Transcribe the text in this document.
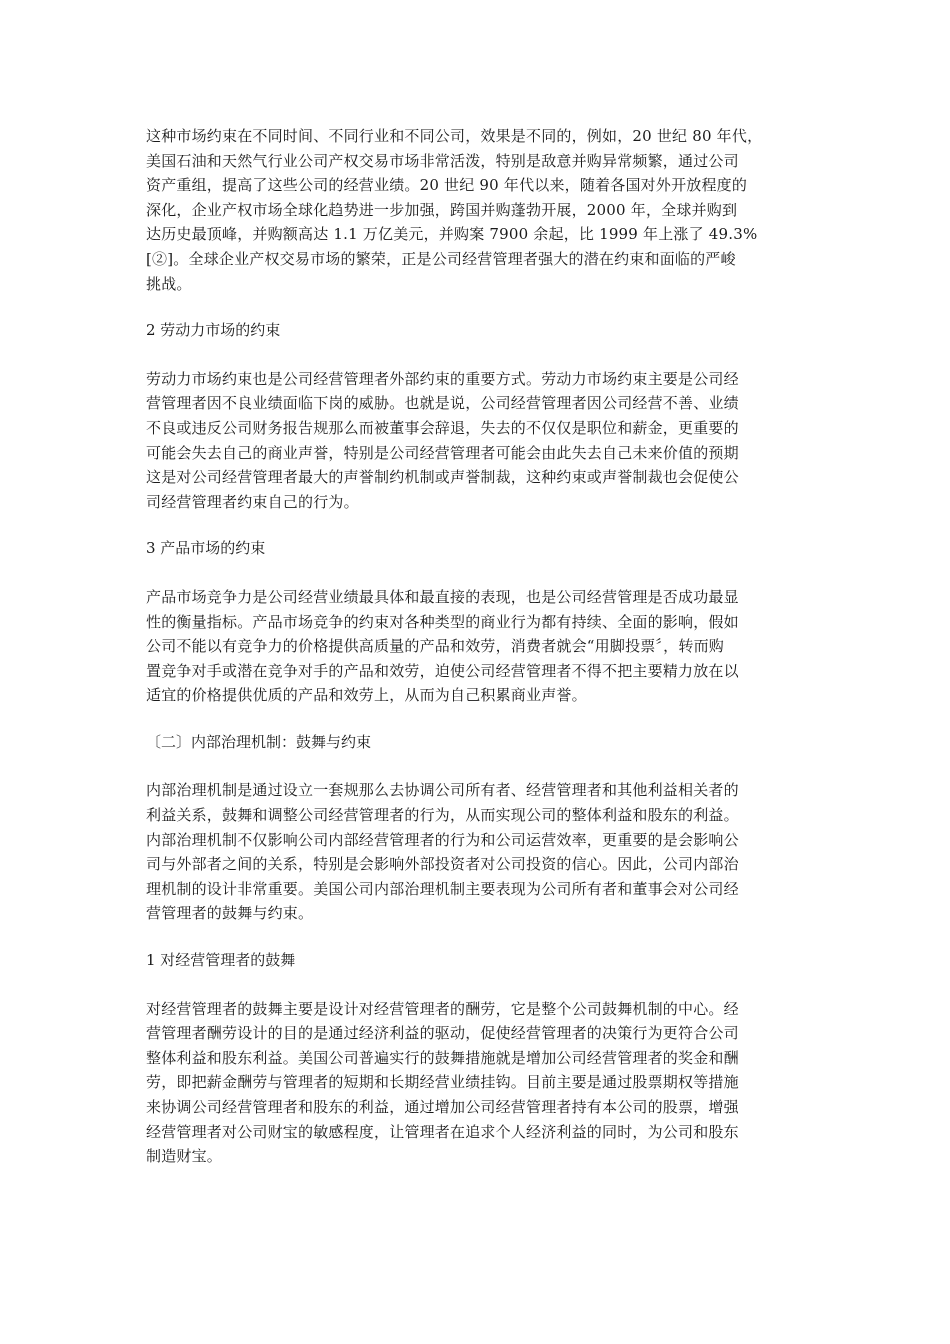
这种市场约束在不同时间、不同行业和不同公司，效果是不同的，例如，20 世纪 80 年代，
美国石油和天然气行业公司产权交易市场非常活泼，特别是敌意并购异常频繁，通过公司
资产重组，提高了这些公司的经营业绩。20 世纪 90 年代以来，随着各国对外开放程度的
深化，企业产权市场全球化趋势进一步加强，跨国并购蓬勃开展，2000 年，全球并购到
达历史最顶峰，并购额高达 1.1 万亿美元，并购案 7900 余起，比 1999 年上涨了 49.3%
[②]。全球企业产权交易市场的繁荣，正是公司经营管理者强大的潜在约束和面临的严峻
挑战。

2 劳动力市场的约束

劳动力市场约束也是公司经营管理者外部约束的重要方式。劳动力市场约束主要是公司经
营管理者因不良业绩面临下岗的威胁。也就是说，公司经营管理者因公司经营不善、业绩
不良或违反公司财务报告规那么而被董事会辞退，失去的不仅仅是职位和薪金，更重要的
可能会失去自己的商业声誉，特别是公司经营管理者可能会由此失去自己未来价值的预期
这是对公司经营管理者最大的声誉制约机制或声誉制裁，这种约束或声誉制裁也会促使公
司经营管理者约束自己的行为。

3 产品市场的约束

产品市场竞争力是公司经营业绩最具体和最直接的表现，也是公司经营管理是否成功最显
性的衡量指标。产品市场竞争的约束对各种类型的商业行为都有持续、全面的影响，假如
公司不能以有竞争力的价格提供高质量的产品和效劳，消费者就会“用脚投票〞，转而购
置竞争对手或潜在竞争对手的产品和效劳，迫使公司经营管理者不得不把主要精力放在以
适宜的价格提供优质的产品和效劳上，从而为自己积累商业声誉。

〔二〕内部治理机制：鼓舞与约束

内部治理机制是通过设立一套规那么去协调公司所有者、经营管理者和其他利益相关者的
利益关系，鼓舞和调整公司经营管理者的行为，从而实现公司的整体利益和股东的利益。
内部治理机制不仅影响公司内部经营管理者的行为和公司运营效率，更重要的是会影响公
司与外部者之间的关系，特别是会影响外部投资者对公司投资的信心。因此，公司内部治
理机制的设计非常重要。美国公司内部治理机制主要表现为公司所有者和董事会对公司经
营管理者的鼓舞与约束。

1 对经营管理者的鼓舞

对经营管理者的鼓舞主要是设计对经营管理者的酬劳，它是整个公司鼓舞机制的中心。经
营管理者酬劳设计的目的是通过经济利益的驱动，促使经营管理者的决策行为更符合公司
整体利益和股东利益。美国公司普遍实行的鼓舞措施就是增加公司经营管理者的奖金和酬
劳，即把薪金酬劳与管理者的短期和长期经营业绩挂钩。目前主要是通过股票期权等措施
来协调公司经营管理者和股东的利益，通过增加公司经营管理者持有本公司的股票，增强
经营管理者对公司财宝的敏感程度，让管理者在追求个人经济利益的同时，为公司和股东
制造财宝。
